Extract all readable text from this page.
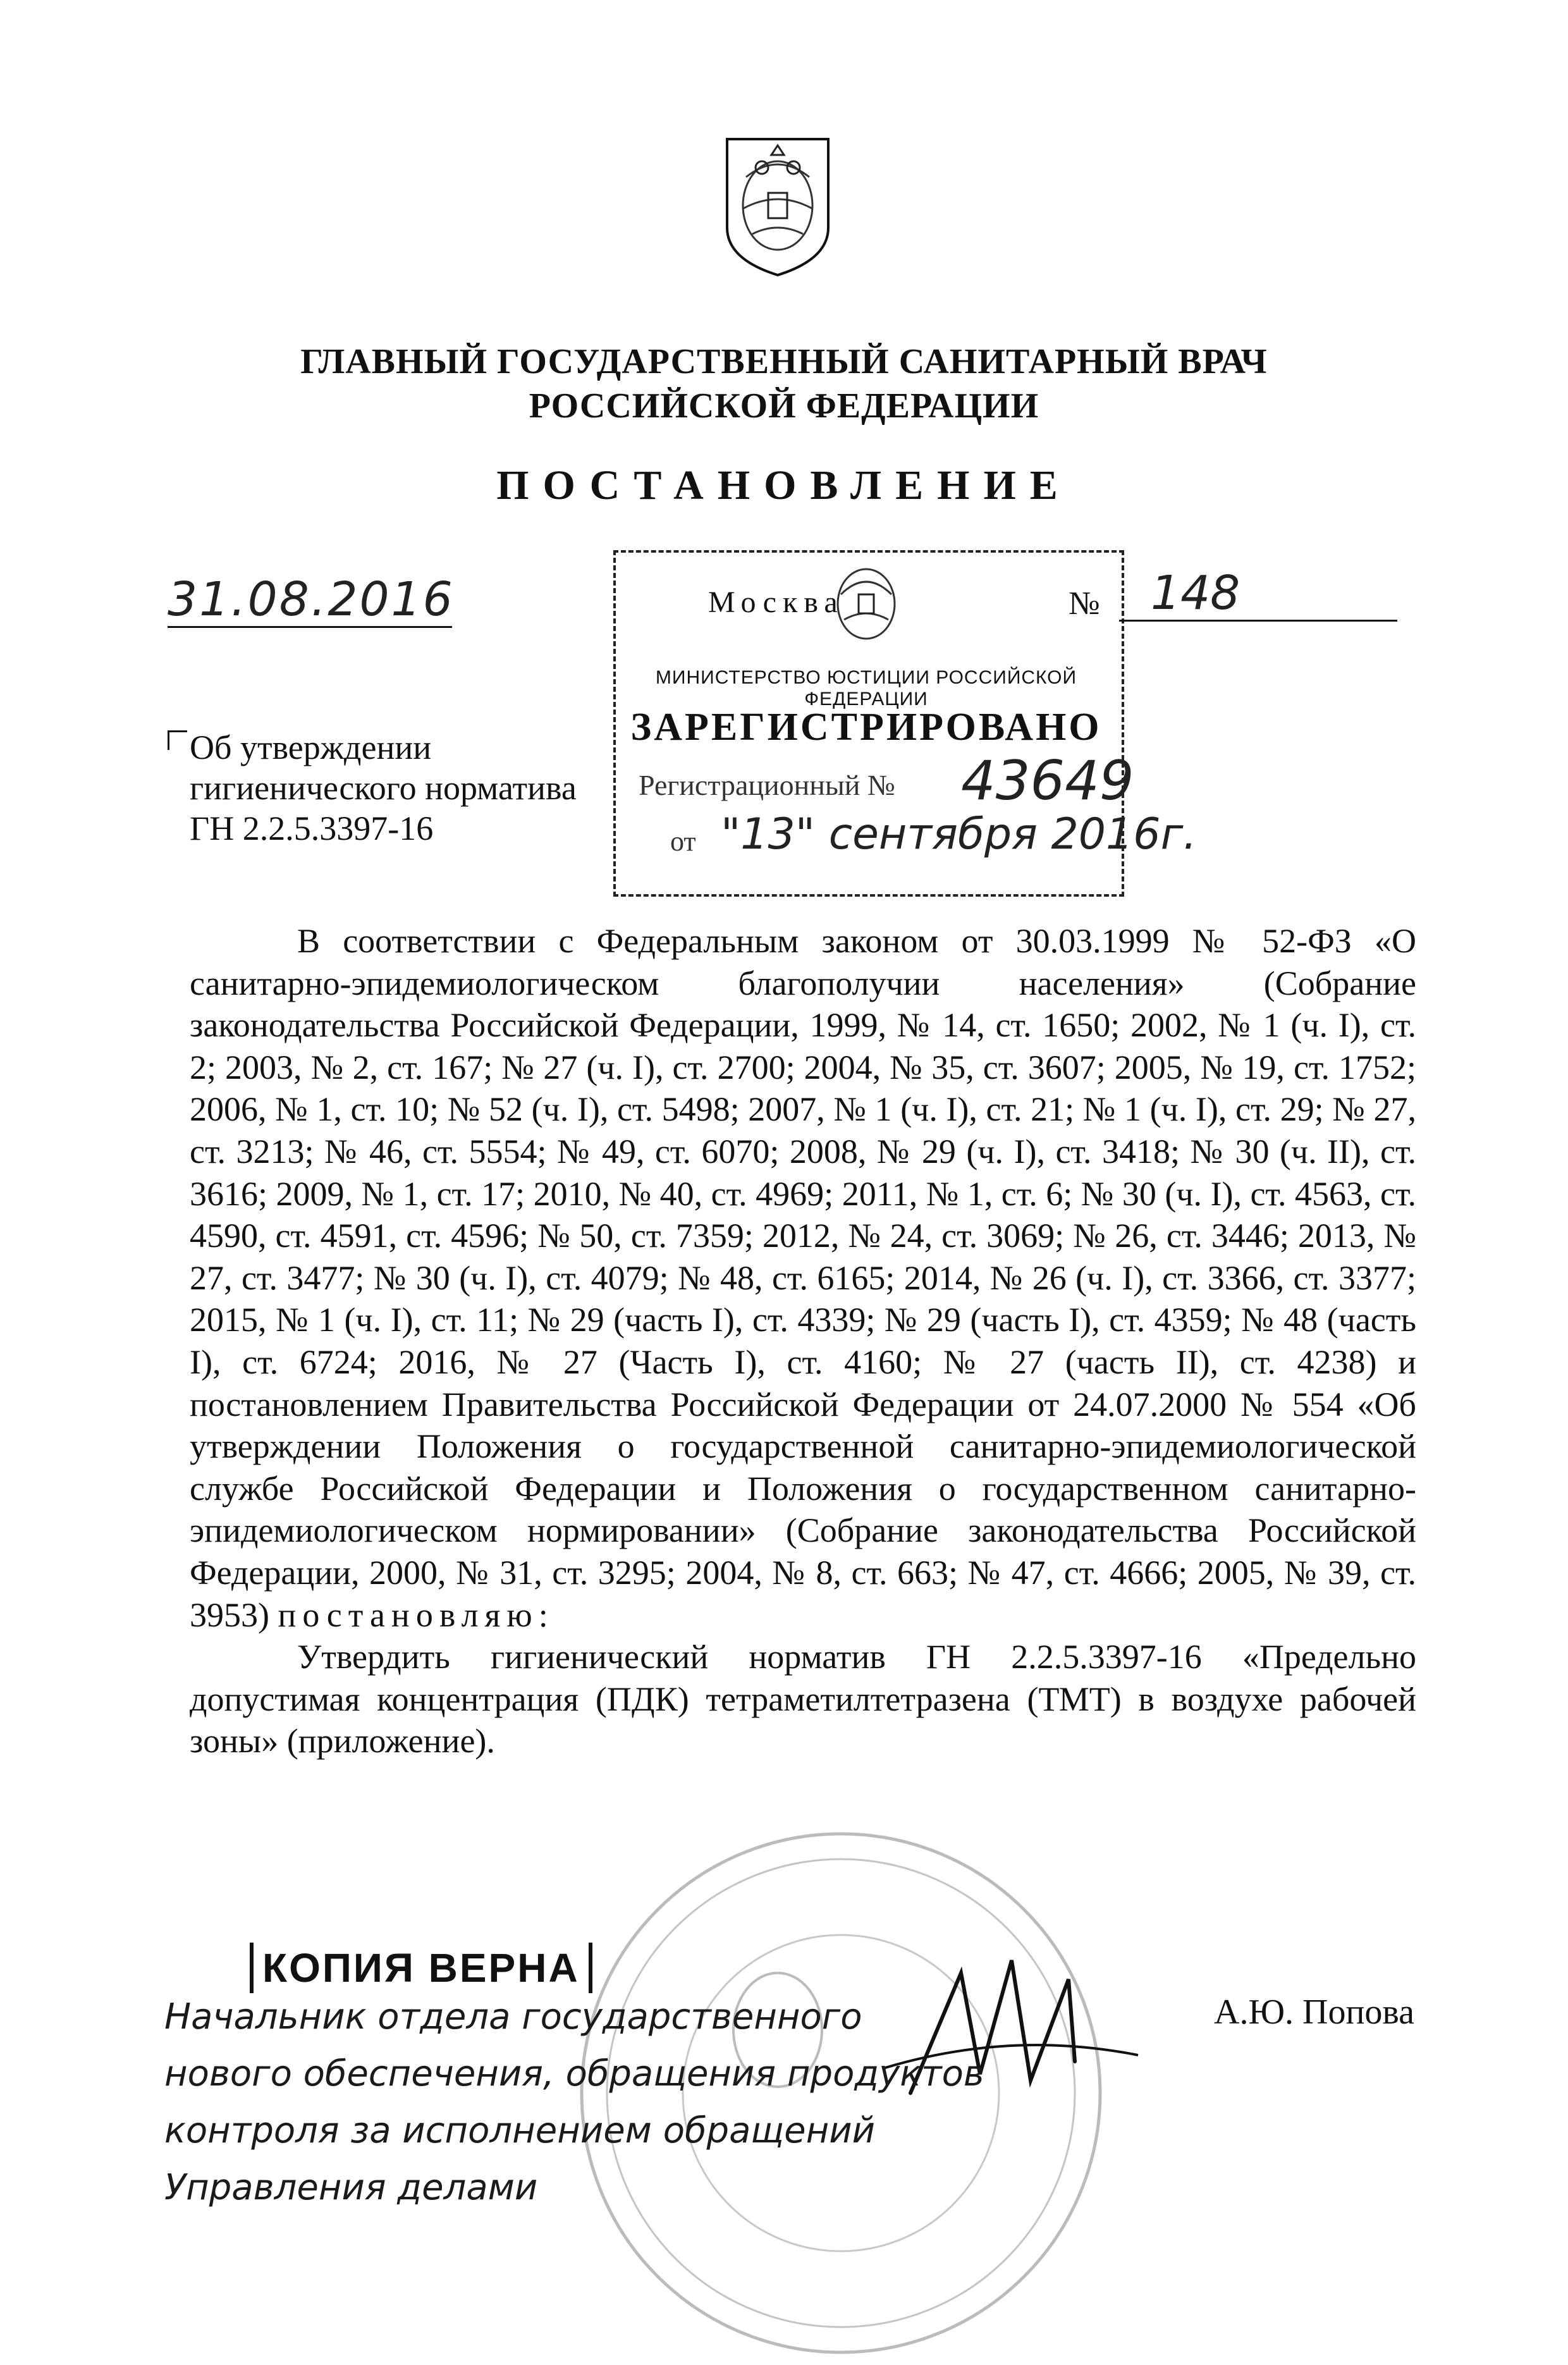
ГЛАВНЫЙ ГОСУДАРСТВЕННЫЙ САНИТАРНЫЙ ВРАЧ
РОССИЙСКОЙ ФЕДЕРАЦИИ
ПОСТАНОВЛЕНИЕ
31.08.2016	Москва	№ 148
МИНИСТЕРСТВО ЮСТИЦИИ РОССИЙСКОЙ ФЕДЕРАЦИИ
ЗАРЕГИСТРИРОВАНО
Регистрационный № 43649
от "13" сентября 2016г.
Об утверждении
гигиенического норматива
ГН 2.2.5.3397-16

В соответствии с Федеральным законом от 30.03.1999 № 52-ФЗ «О санитарно-эпидемиологическом благополучии населения» (Собрание законодательства Российской Федерации, 1999, № 14, ст. 1650; 2002, № 1 (ч. I), ст. 2; 2003, № 2, ст. 167; № 27 (ч. I), ст. 2700; 2004, № 35, ст. 3607; 2005, № 19, ст. 1752; 2006, № 1, ст. 10; № 52 (ч. I), ст. 5498; 2007, № 1 (ч. I), ст. 21; № 1 (ч. I), ст. 29; № 27, ст. 3213; № 46, ст. 5554; № 49, ст. 6070; 2008, № 29 (ч. I), ст. 3418; № 30 (ч. II), ст. 3616; 2009, № 1, ст. 17; 2010, № 40, ст. 4969; 2011, № 1, ст. 6; № 30 (ч. I), ст. 4563, ст. 4590, ст. 4591, ст. 4596; № 50, ст. 7359; 2012, № 24, ст. 3069; № 26, ст. 3446; 2013, № 27, ст. 3477; № 30 (ч. I), ст. 4079; № 48, ст. 6165; 2014, № 26 (ч. I), ст. 3366, ст. 3377; 2015, № 1 (ч. I), ст. 11; № 29 (часть I), ст. 4339; № 29 (часть I), ст. 4359; № 48 (часть I), ст. 6724; 2016, № 27 (Часть I), ст. 4160; № 27 (часть II), ст. 4238) и постановлением Правительства Российской Федерации от 24.07.2000 № 554 «Об утверждении Положения о государственной санитарно-эпидемиологической службе Российской Федерации и Положения о государственном санитарно-эпидемиологическом нормировании» (Собрание законодательства Российской Федерации, 2000, № 31, ст. 3295; 2004, № 8, ст. 663; № 47, ст. 4666; 2005, № 39, ст. 3953) постановляю:

Утвердить гигиенический норматив ГН 2.2.5.3397-16 «Предельно допустимая концентрация (ПДК) тетраметилтетразена (ТМТ) в воздухе рабочей зоны» (приложение).

КОПИЯ ВЕРНА
А.Ю. Попова
Начальник отдела государственного
нового обеспечения, обращения продуктов
контроля за исполнением обращений
Управления делами
